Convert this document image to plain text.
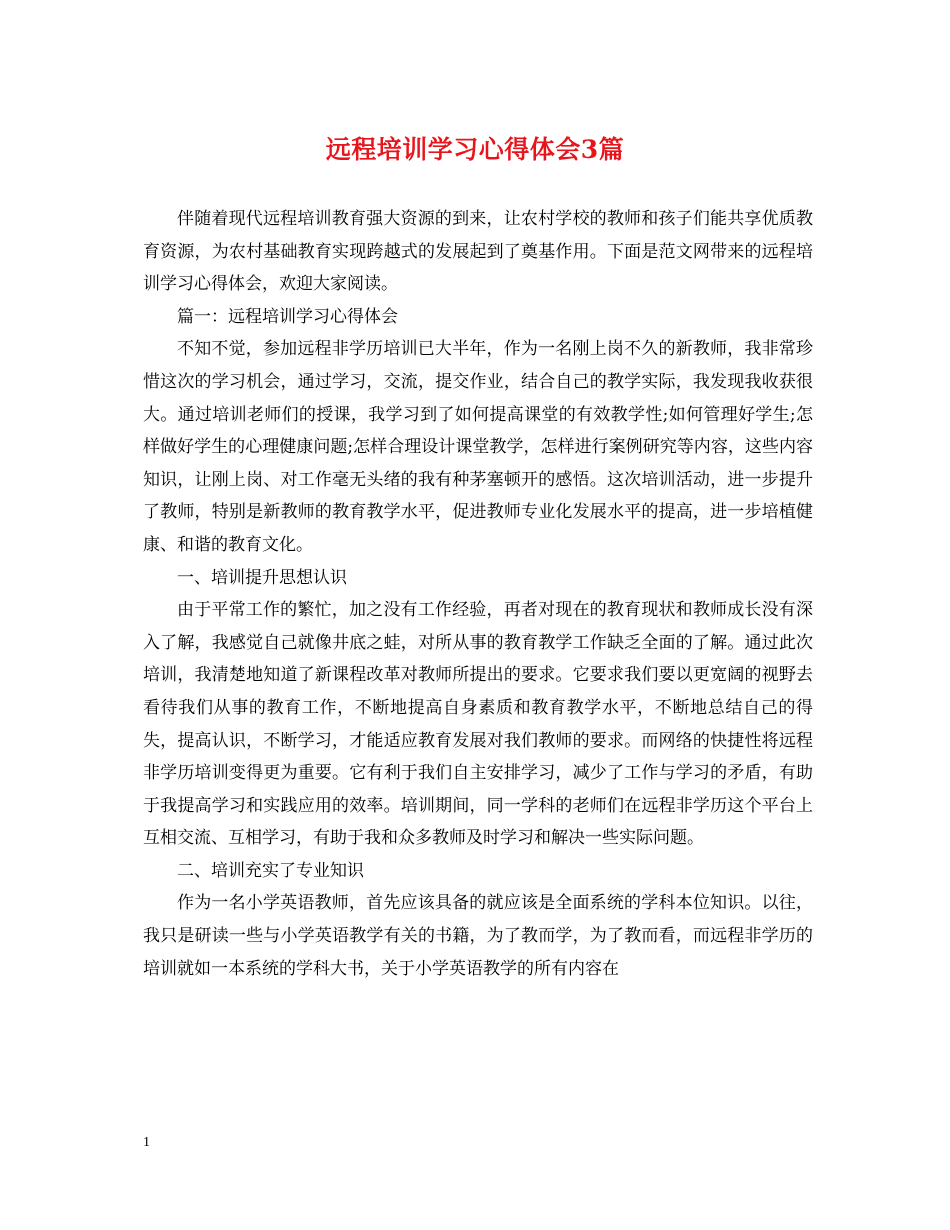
远程培训学习心得体会3篇

伴随着现代远程培训教育强大资源的到来，让农村学校的教师和孩子们能共享优质教育资源，为农村基础教育实现跨越式的发展起到了奠基作用。下面是范文网带来的远程培训学习心得体会，欢迎大家阅读。

篇一：远程培训学习心得体会

不知不觉，参加远程非学历培训已大半年，作为一名刚上岗不久的新教师，我非常珍惜这次的学习机会，通过学习，交流，提交作业，结合自己的教学实际，我发现我收获很大。通过培训老师们的授课，我学习到了如何提高课堂的有效教学性;如何管理好学生;怎样做好学生的心理健康问题;怎样合理设计课堂教学，怎样进行案例研究等内容，这些内容知识，让刚上岗、对工作毫无头绪的我有种茅塞顿开的感悟。这次培训活动，进一步提升了教师，特别是新教师的教育教学水平，促进教师专业化发展水平的提高，进一步培植健康、和谐的教育文化。

一、培训提升思想认识

由于平常工作的繁忙，加之没有工作经验，再者对现在的教育现状和教师成长没有深入了解，我感觉自己就像井底之蛙，对所从事的教育教学工作缺乏全面的了解。通过此次培训，我清楚地知道了新课程改革对教师所提出的要求。它要求我们要以更宽阔的视野去看待我们从事的教育工作，不断地提高自身素质和教育教学水平，不断地总结自己的得失，提高认识，不断学习，才能适应教育发展对我们教师的要求。而网络的快捷性将远程非学历培训变得更为重要。它有利于我们自主安排学习，减少了工作与学习的矛盾，有助于我提高学习和实践应用的效率。培训期间，同一学科的老师们在远程非学历这个平台上互相交流、互相学习，有助于我和众多教师及时学习和解决一些实际问题。

二、培训充实了专业知识

作为一名小学英语教师，首先应该具备的就应该是全面系统的学科本位知识。以往，我只是研读一些与小学英语教学有关的书籍，为了教而学，为了教而看，而远程非学历的培训就如一本系统的学科大书，关于小学英语教学的所有内容在

1
